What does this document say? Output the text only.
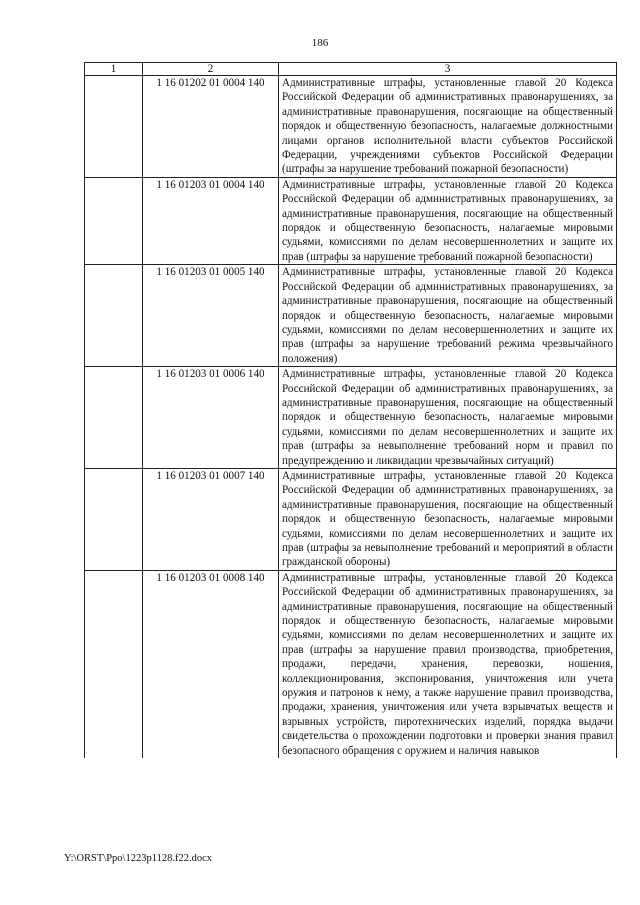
186
1	2	3
	1 16 01202 01 0004 140	Административные штрафы, установленные главой 20 Кодекса Российской Федерации об административных правонарушениях, за административные правонарушения, посягающие на общественный порядок и общественную безопасность, налагаемые должностными лицами органов исполнительной власти субъектов Российской Федерации, учреждениями субъектов Российской Федерации (штрафы за нарушение требований пожарной безопасности)
	1 16 01203 01 0004 140	Административные штрафы, установленные главой 20 Кодекса Российской Федерации об административных правонарушениях, за административные правонарушения, посягающие на общественный порядок и общественную безопасность, налагаемые мировыми судьями, комиссиями по делам несовершеннолетних и защите их прав (штрафы за нарушение требований пожарной безопасности)
	1 16 01203 01 0005 140	Административные штрафы, установленные главой 20 Кодекса Российской Федерации об административных правонарушениях, за административные правонарушения, посягающие на общественный порядок и общественную безопасность, налагаемые мировыми судьями, комиссиями по делам несовершеннолетних и защите их прав (штрафы за нарушение требований режима чрезвычайного положения)
	1 16 01203 01 0006 140	Административные штрафы, установленные главой 20 Кодекса Российской Федерации об административных правонарушениях, за административные правонарушения, посягающие на общественный порядок и общественную безопасность, налагаемые мировыми судьями, комиссиями по делам несовершеннолетних и защите их прав (штрафы за невыполнение требований норм и правил по предупреждению и ликвидации чрезвычайных ситуаций)
	1 16 01203 01 0007 140	Административные штрафы, установленные главой 20 Кодекса Российской Федерации об административных правонарушениях, за административные правонарушения, посягающие на общественный порядок и общественную безопасность, налагаемые мировыми судьями, комиссиями по делам несовершеннолетних и защите их прав (штрафы за невыполнение требований и мероприятий в области гражданской обороны)
	1 16 01203 01 0008 140	Административные штрафы, установленные главой 20 Кодекса Российской Федерации об административных правонарушениях, за административные правонарушения, посягающие на общественный порядок и общественную безопасность, налагаемые мировыми судьями, комиссиями по делам несовершеннолетних и защите их прав (штрафы за нарушение правил производства, приобретения, продажи, передачи, хранения, перевозки, ношения, коллекционирования, экспонирования, уничтожения или учета оружия и патронов к нему, а также нарушение правил производства, продажи, хранения, уничтожения или учета взрывчатых веществ и взрывных устройств, пиротехнических изделий, порядка выдачи свидетельства о прохождении подготовки и проверки знания правил безопасного обращения с оружием и наличия навыков
Y:\ORST\Ppo\1223p1128.f22.docx
